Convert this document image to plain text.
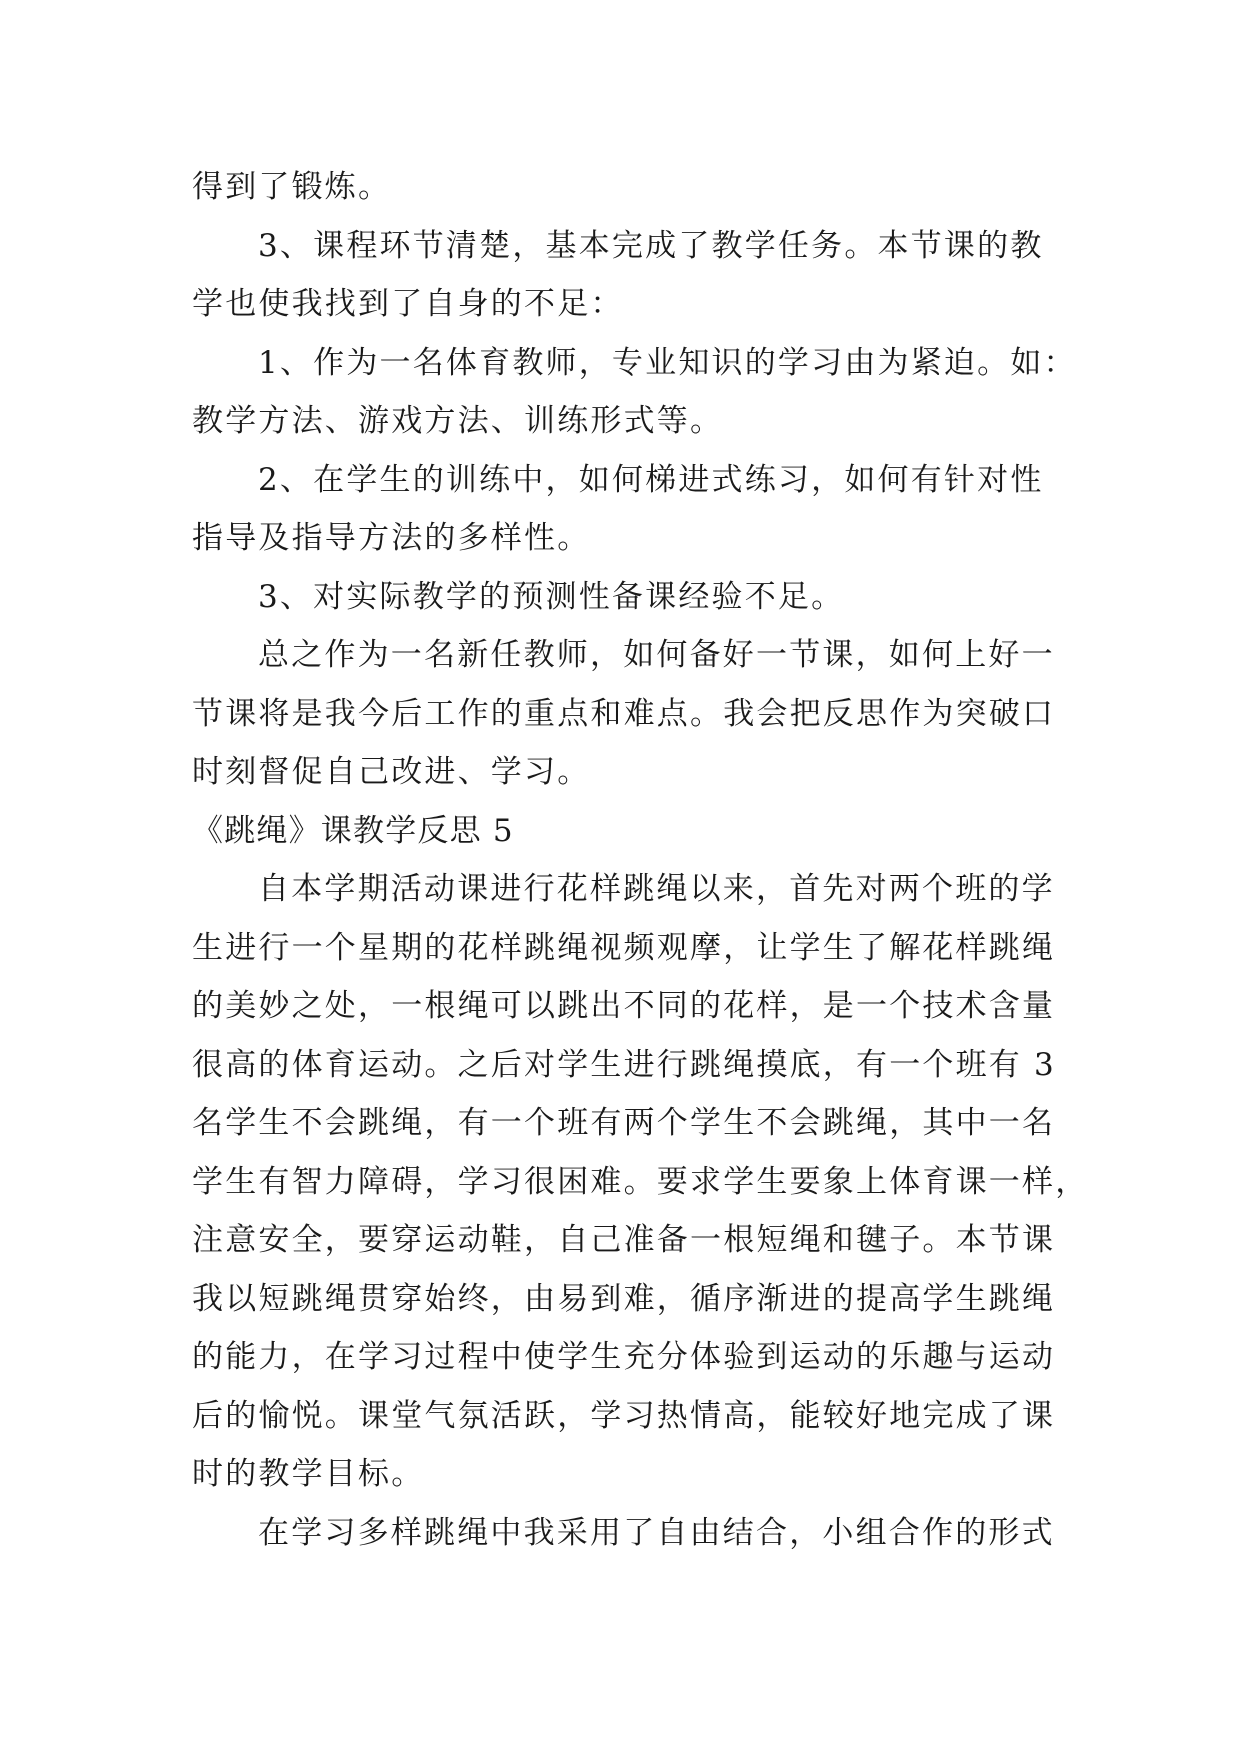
得到了锻炼。
3、课程环节清楚，基本完成了教学任务。本节课的教
学也使我找到了自身的不足：
1、作为一名体育教师，专业知识的学习由为紧迫。如：
教学方法、游戏方法、训练形式等。
2、在学生的训练中，如何梯进式练习，如何有针对性
指导及指导方法的多样性。
3、对实际教学的预测性备课经验不足。
总之作为一名新任教师，如何备好一节课，如何上好一
节课将是我今后工作的重点和难点。我会把反思作为突破口
时刻督促自己改进、学习。
《跳绳》课教学反思 5
自本学期活动课进行花样跳绳以来，首先对两个班的学
生进行一个星期的花样跳绳视频观摩，让学生了解花样跳绳
的美妙之处，一根绳可以跳出不同的花样，是一个技术含量
很高的体育运动。之后对学生进行跳绳摸底，有一个班有 3
名学生不会跳绳，有一个班有两个学生不会跳绳，其中一名
学生有智力障碍，学习很困难。要求学生要象上体育课一样，
注意安全，要穿运动鞋，自己准备一根短绳和毽子。本节课
我以短跳绳贯穿始终，由易到难，循序渐进的提高学生跳绳
的能力，在学习过程中使学生充分体验到运动的乐趣与运动
后的愉悦。课堂气氛活跃，学习热情高，能较好地完成了课
时的教学目标。
在学习多样跳绳中我采用了自由结合，小组合作的形式
